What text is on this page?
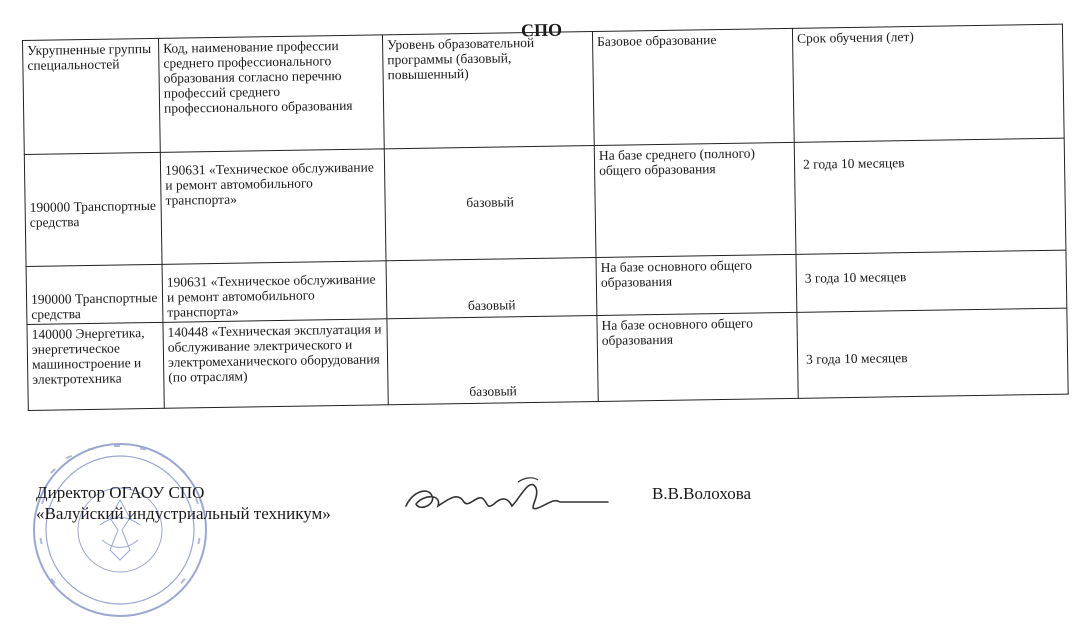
СПО
Укрупненные группы специальностей	Код, наименование профессии среднего профессионального образования согласно перечню профессий среднего профессионального образования	Уровень образовательной программы (базовый, повышенный)	Базовое образование	Срок обучения (лет)
190000 Транспортные средства	190631 «Техническое обслуживание и ремонт автомобильного транспорта»	базовый	На базе среднего (полного) общего образования	2 года 10 месяцев
190000 Транспортные средства	190631 «Техническое обслуживание и ремонт автомобильного транспорта»	базовый	На базе основного общего образования	3 года 10 месяцев
140000 Энергетика, энергетическое машиностроение и электротехника	140448 «Техническая эксплуатация и обслуживание электрического и электромеханического оборудования (по отраслям)	базовый	На базе основного общего образования	3 года 10 месяцев
Директор ОГАОУ СПО
«Валуйский индустриальный техникум»
В.В.Волохова
